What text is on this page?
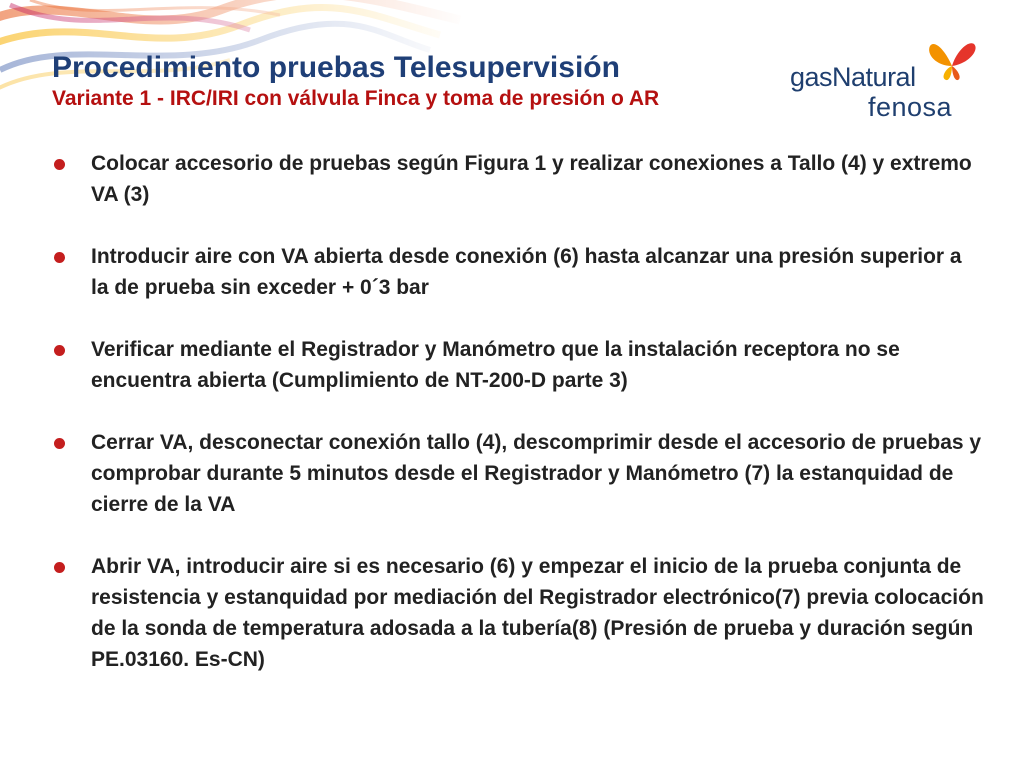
Procedimiento pruebas Telesupervisión
Variante 1 - IRC/IRI con válvula Finca y toma de presión o AR
gasNatural
fenosa
Colocar accesorio de pruebas según Figura 1 y realizar conexiones a Tallo (4) y extremo VA (3)
Introducir aire con VA abierta desde conexión (6) hasta alcanzar una presión superior a la de prueba sin exceder + 0´3 bar
Verificar mediante el Registrador y Manómetro que la instalación receptora no se encuentra abierta (Cumplimiento de NT-200-D parte 3)
Cerrar VA, desconectar conexión tallo (4), descomprimir desde el accesorio de pruebas y comprobar durante 5 minutos desde el Registrador y Manómetro (7) la estanquidad de cierre de la VA
Abrir VA, introducir aire si es necesario (6) y empezar el inicio de la prueba conjunta de resistencia y estanquidad por mediación del Registrador electrónico(7) previa colocación de la sonda de temperatura adosada a la tubería(8) (Presión de prueba y duración según PE.03160. Es-CN)
